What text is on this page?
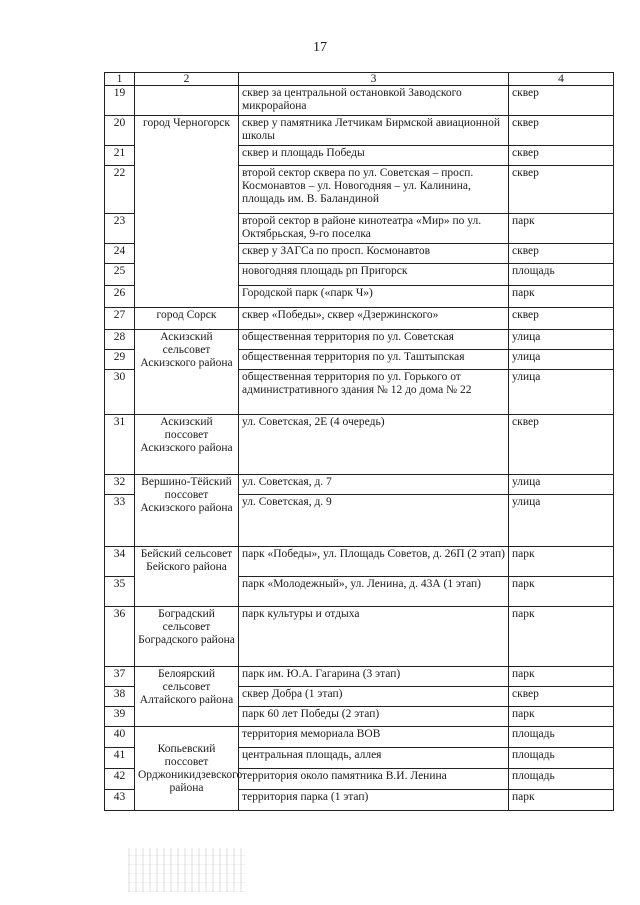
17
1	2	3	4
19		сквер за центральной остановкой Заводского микрорайона	сквер
20	город Черногорск	сквер у памятника Летчикам Бирмской авиационной школы	сквер
21		сквер и площадь Победы	сквер
22		второй сектор сквера по ул. Советская – просп. Космонавтов – ул. Новогодняя – ул. Калинина, площадь им. В. Баландиной	сквер
23		второй сектор в районе кинотеатра «Мир» по ул. Октябрьская, 9-го поселка	парк
24		сквер у ЗАГСа по просп. Космонавтов	сквер
25		новогодняя площадь рп Пригорск	площадь
26		Городской парк («парк Ч»)	парк
27	город Сорск	сквер «Победы», сквер «Дзержинского»	сквер
28	Аскизский сельсовет Аскизского района	общественная территория по ул. Советская	улица
29		общественная территория по ул. Таштыпская	улица
30		общественная территория по ул. Горького от административного здания № 12 до дома № 22	улица
31	Аскизский поссовет Аскизского района	ул. Советская, 2Е (4 очередь)	сквер
32	Вершино-Тёйский поссовет Аскизского района	ул. Советская, д. 7	улица
33		ул. Советская, д. 9	улица
34	Бейский сельсовет Бейского района	парк «Победы», ул. Площадь Советов, д. 26П (2 этап)	парк
35		парк «Молодежный», ул. Ленина, д. 43А (1 этап)	парк
36	Боградский сельсовет Боградского района	парк культуры и отдыха	парк
37	Белоярский сельсовет Алтайского района	парк им. Ю.А. Гагарина (3 этап)	парк
38		сквер Добра (1 этап)	сквер
39		парк 60 лет Победы (2 этап)	парк
40	Копьевский поссовет Орджоникидзевского района	территория мемориала ВОВ	площадь
41		центральная площадь, аллея	площадь
42		территория около памятника В.И. Ленина	площадь
43		территория парка (1 этап)	парк
